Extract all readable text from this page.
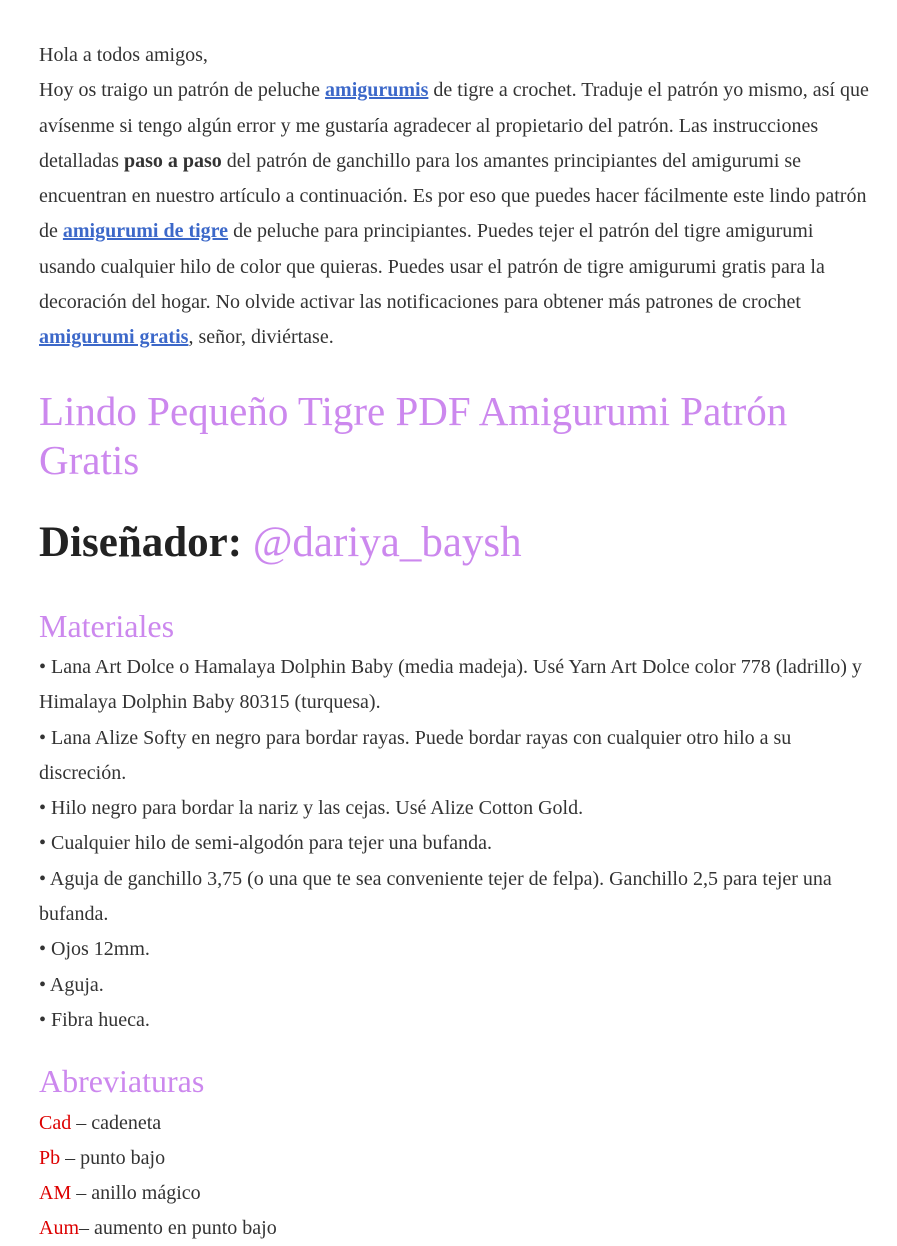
Hola a todos amigos,

Hoy os traigo un patrón de peluche amigurumis de tigre a crochet. Traduje el patrón yo mismo, así que avísenme si tengo algún error y me gustaría agradecer al propietario del patrón. Las instrucciones detalladas paso a paso del patrón de ganchillo para los amantes principiantes del amigurumi se encuentran en nuestro artículo a continuación. Es por eso que puedes hacer fácilmente este lindo patrón de amigurumi de tigre de peluche para principiantes. Puedes tejer el patrón del tigre amigurumi usando cualquier hilo de color que quieras. Puedes usar el patrón de tigre amigurumi gratis para la decoración del hogar. No olvide activar las notificaciones para obtener más patrones de crochet amigurumi gratis, señor, diviértase.

Lindo Pequeño Tigre PDF Amigurumi Patrón Gratis
Diseñador: @dariya_baysh
Materiales
• Lana Art Dolce o Hamalaya Dolphin Baby (media madeja). Usé Yarn Art Dolce color 778 (ladrillo) y Himalaya Dolphin Baby 80315 (turquesa).
• Lana Alize Softy en negro para bordar rayas. Puede bordar rayas con cualquier otro hilo a su discreción.
• Hilo negro para bordar la nariz y las cejas. Usé Alize Cotton Gold.
• Cualquier hilo de semi-algodón para tejer una bufanda.
• Aguja de ganchillo 3,75 (o una que te sea conveniente tejer de felpa). Ganchillo 2,5 para tejer una bufanda.
• Ojos 12mm.
• Aguja.
• Fibra hueca.
Abreviaturas
Cad – cadeneta
Pb – punto bajo
AM – anillo mágico
Aum– aumento en punto bajo
